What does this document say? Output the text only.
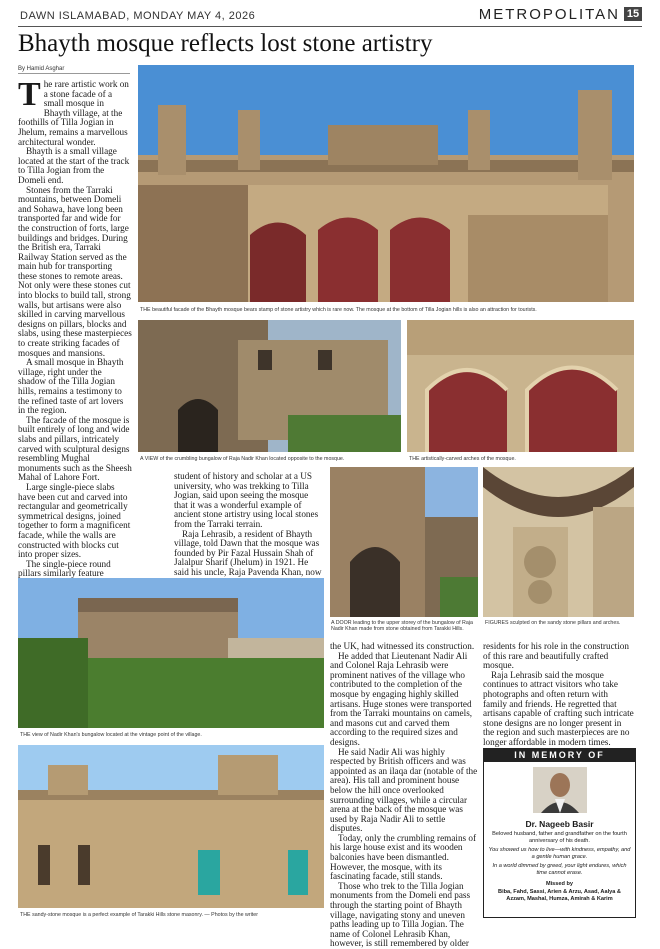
DAWN ISLAMABAD, MONDAY MAY 4, 2026	METROPOLITAN 15
Bhayth mosque reflects lost stone artistry
By Hamid Asghar
T he rare artistic work on a stone facade of a small mosque in Bhayth village, at the foothills of Tilla Jogian in Jhelum, remains a marvellous architectural wonder.

Bhayth is a small village located at the start of the track to Tilla Jogian from the Domeli end.

Stones from the Tarraki mountains, between Domeli and Sohawa, have long been transported far and wide for the construction of forts, large buildings and bridges. During the British era, Tarraki Railway Station served as the main hub for transporting these stones to remote areas. Not only were these stones cut into blocks to build tall, strong walls, but artisans were also skilled in carving marvellous designs on pillars, blocks and slabs, using these masterpieces to create striking facades of mosques and mansions.

A small mosque in Bhayth village, right under the shadow of the Tilla Jogian hills, remains a testimony to the refined taste of art lovers in the region.

The facade of the mosque is built entirely of long and wide slabs and pillars, intricately carved with sculptural designs resembling Mughal monuments such as the Sheesh Mahal of Lahore Fort.

Large single-piece slabs have been cut and carved into rectangular and geometrically symmetrical designs, joined together to form a magnificent facade, while the walls are constructed with blocks cut into proper sizes.

The single-piece round pillars similarly feature

student of history and scholar at a US university, who was trekking to Tilla Jogian, said upon seeing the mosque that it was a wonderful example of ancient stone artistry using local stones from the Tarraki terrain.

Raja Lehrasib, a resident of Bhayth village, told Dawn that the mosque was founded by Pir Fazal Hussain Shah of Jalalpur Sharif (Jhelum) in 1921. He said his uncle, Raja Pavenda Khan, now

the UK, had witnessed its construction.

He added that Lieutenant Nadir Ali and Colonel Raja Lehrasib were prominent natives of the village who contributed to the completion of the mosque by engaging highly skilled artisans. Huge stones were transported from the Tarraki mountains on camels, and masons cut and carved them according to the required sizes and designs.

He said Nadir Ali was highly respected by British officers and was appointed as an ilaqa dar (notable of the area). His tall and prominent house below the hill once overlooked surrounding villages, while a circular arena at the back of the mosque was used by Raja Nadir Ali to settle disputes.

Today, only the crumbling remains of his large house exist and its wooden balconies have been dismantled. However, the mosque, with its fascinating facade, still stands.

Those who trek to the Tilla Jogian monuments from the Domeli end pass through the starting point of Bhayth village, navigating stony and uneven paths leading up to Tilla Jogian. The name of Colonel Lehrasib Khan, however, is still remembered by older

residents for his role in the construction of this rare and beautifully crafted mosque.

Raja Lehrasib said the mosque continues to attract visitors who take photographs and often return with family and friends. He regretted that artisans capable of crafting such intricate stone designs are no longer present in the region and such masterpieces are no longer affordable in modern times.

THE beautiful facade of the Bhayth mosque bears stamp of stone artistry which is rare now. The mosque at the bottom of Tilla Jogian hills is also an attraction for tourists.
A VIEW of the crumbling bungalow of Raja Nadir Khan located opposite to the mosque.	THE artistically-carved arches of the mosque.
A DOOR leading to the upper storey of the bungalow of Raja Nadir Khan made from stone obtained from Tarakki Hills.
FIGURES sculpted on the sandy stone pillars and arches.
THE view of Nadir Khan's bungalow located at the vintage point of the village.
THE sandy-stone mosque is a perfect example of Tarakki Hills stone masonry. — Photos by the writer
IN MEMORY OF
Dr. Nageeb Basir
Beloved husband, father and grandfather on the fourth anniversary of his death.
You showed us how to live—with kindness, empathy, and a gentle human grace.
In a world dimmed by greed, your light endures, which time cannot erase.
Missed by
Biba, Fahd, Sassi, Arien & Arzu, Asad, Aalya & Azzam, Mashal, Humza, Amirah & Karim
